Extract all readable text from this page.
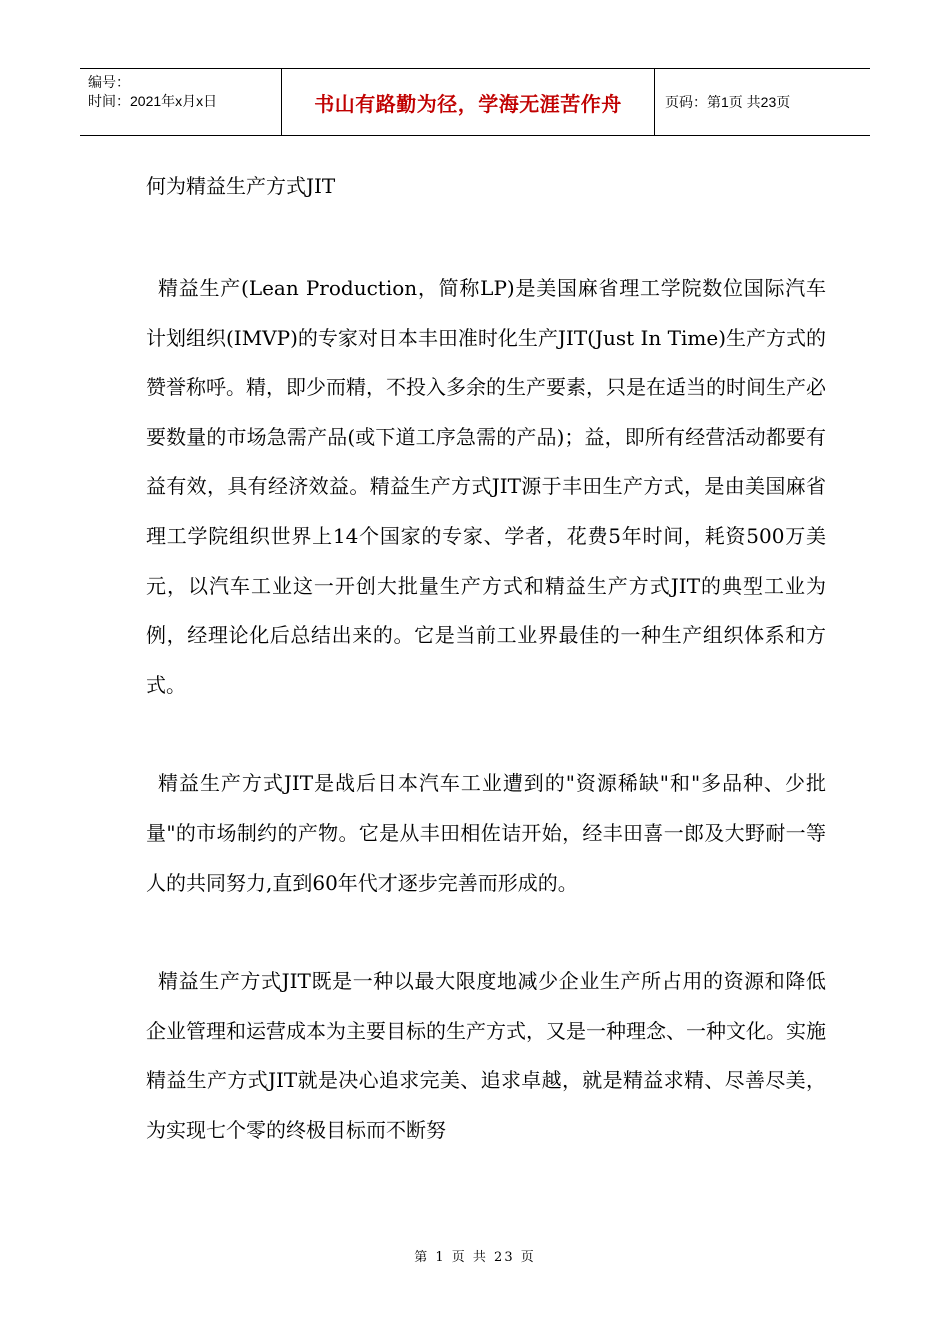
编号：
时间：2021年x月x日	书山有路勤为径，学海无涯苦作舟	页码：第1页 共23页
何为精益生产方式JIT

精益生产(Lean Production，简称LP)是美国麻省理工学院数位国际汽车计划组织(IMVP)的专家对日本丰田准时化生产JIT(Just In Time)生产方式的赞誉称呼。精，即少而精，不投入多余的生产要素，只是在适当的时间生产必要数量的市场急需产品(或下道工序急需的产品)；益，即所有经营活动都要有益有效，具有经济效益。精益生产方式JIT源于丰田生产方式，是由美国麻省理工学院组织世界上14个国家的专家、学者，花费5年时间，耗资500万美元，以汽车工业这一开创大批量生产方式和精益生产方式JIT的典型工业为例，经理论化后总结出来的。它是当前工业界最佳的一种生产组织体系和方式。

精益生产方式JIT是战后日本汽车工业遭到的"资源稀缺"和"多品种、少批量"的市场制约的产物。它是从丰田相佐诘开始，经丰田喜一郎及大野耐一等人的共同努力,直到60年代才逐步完善而形成的。

精益生产方式JIT既是一种以最大限度地减少企业生产所占用的资源和降低企业管理和运营成本为主要目标的生产方式，又是一种理念、一种文化。实施精益生产方式JIT就是决心追求完美、追求卓越，就是精益求精、尽善尽美，为实现七个零的终极目标而不断努

第 1 页 共 23 页
